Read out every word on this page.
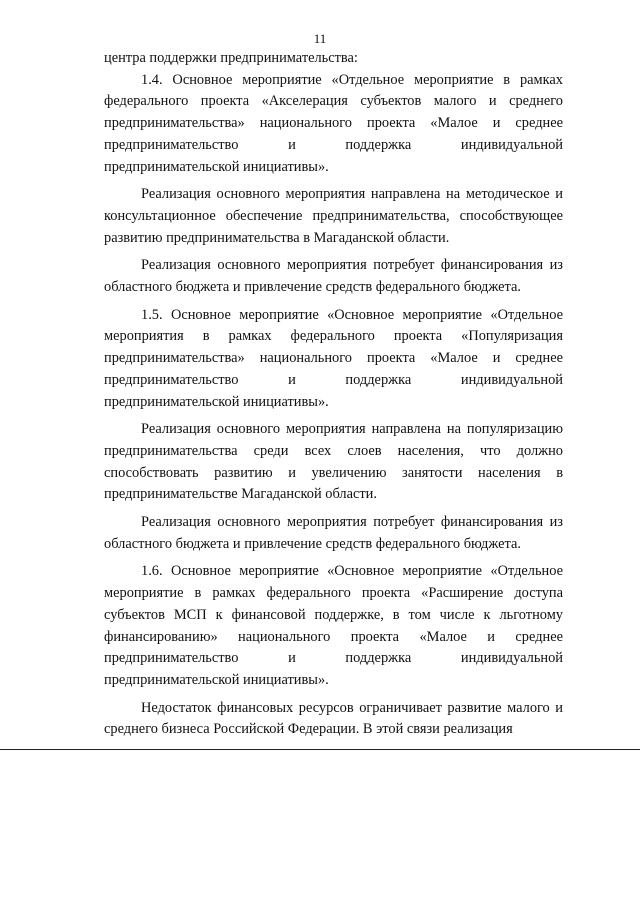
11

центра поддержки предпринимательства:

1.4. Основное мероприятие «Отдельное мероприятие в рамках федерального проекта «Акселерация субъектов малого и среднего предпринимательства» национального проекта «Малое и среднее предпринимательство и поддержка индивидуальной предпринимательской инициативы».

Реализация основного мероприятия направлена на методическое и консультационное обеспечение предпринимательства, способствующее развитию предпринимательства в Магаданской области.

Реализация основного мероприятия потребует финансирования из областного бюджета и привлечение средств федерального бюджета.

1.5. Основное мероприятие «Основное мероприятие «Отдельное мероприятия в рамках федерального проекта «Популяризация предпринимательства» национального проекта «Малое и среднее предпринимательство и поддержка индивидуальной предпринимательской инициативы».

Реализация основного мероприятия направлена на популяризацию предпринимательства среди всех слоев населения, что должно способствовать развитию и увеличению занятости населения в предпринимательстве Магаданской области.

Реализация основного мероприятия потребует финансирования из областного бюджета и привлечение средств федерального бюджета.

1.6. Основное мероприятие «Основное мероприятие «Отдельное мероприятие в рамках федерального проекта «Расширение доступа субъектов МСП к финансовой поддержке, в том числе к льготному финансированию» национального проекта «Малое и среднее предпринимательство и поддержка индивидуальной предпринимательской инициативы».

Недостаток финансовых ресурсов ограничивает развитие малого и среднего бизнеса Российской Федерации. В этой связи реализация
